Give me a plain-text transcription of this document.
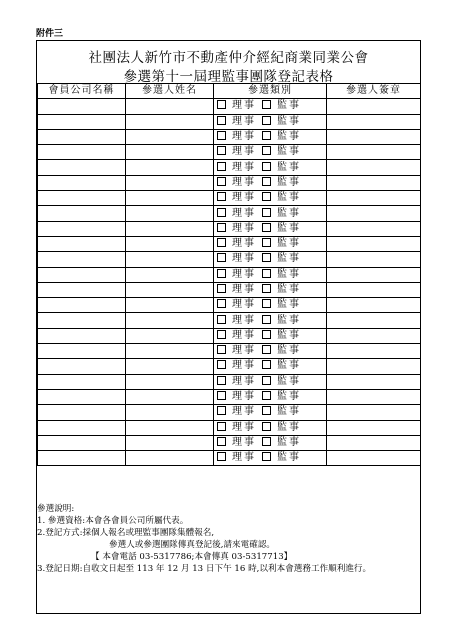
附件三
社團法人新竹市不動產仲介經紀商業同業公會
參選第十一屆理監事團隊登記表格
會員公司名稱	參選人姓名	參選類別	參選人簽章
		理事 監事	
		理事 監事	
		理事 監事	
		理事 監事	
		理事 監事	
		理事 監事	
		理事 監事	
		理事 監事	
		理事 監事	
		理事 監事	
		理事 監事	
		理事 監事	
		理事 監事	
		理事 監事	
		理事 監事	
		理事 監事	
		理事 監事	
		理事 監事	
		理事 監事	
		理事 監事	
		理事 監事	
		理事 監事	
		理事 監事	
		理事 監事	
參選說明:
1. 參選資格:本會各會員公司所屬代表。
2.登記方式:採個人報名或理監事團隊集體報名,
參選人或參選團隊傳真登記後,請來電確認。
【 本會電話 03-5317786;本會傳真 03-5317713】
3.登記日期:自收文日起至 113 年 12 月 13 日下午 16 時,以利本會選務工作順利進行。
